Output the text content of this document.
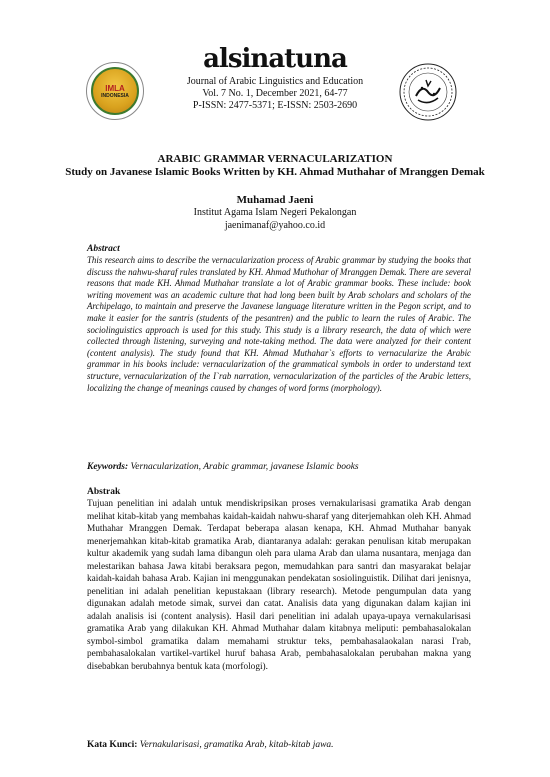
IMLA
INDONESIA
alsinatuna
Journal of Arabic Linguistics and Education
Vol. 7 No. 1, December 2021, 64-77
P-ISSN: 2477-5371; E-ISSN: 2503-2690
ARABIC GRAMMAR VERNACULARIZATION
Study on Javanese Islamic Books Written by KH. Ahmad Muthahar of Mranggen Demak
Muhamad Jaeni
Institut Agama Islam Negeri Pekalongan
jaenimanaf@yahoo.co.id
Abstract
This research aims to describe the vernacularization process of Arabic grammar by studying the books that discuss the nahwu-sharaf rules translated by KH. Ahmad Muthohar of Mranggen Demak. There are several reasons that made KH. Ahmad Muthahar translate a lot of Arabic grammar books. These include: book writing movement was an academic culture that had long been built by Arab scholars and scholars of the Archipelago, to maintain and preserve the Javanese language literature written in the Pegon script, and to make it easier for the santris (students of the pesantren) and the public to learn the rules of Arabic. The sociolinguistics approach is used for this study. This study is a library research, the data of which were collected through listening, surveying and note-taking method. The data were analyzed for their content (content analysis). The study found that KH. Ahmad Muthahar`s efforts to vernacularize the Arabic grammar in his books include: vernacularization of the grammatical symbols in order to understand text structure, vernacularization of the I`rab narration, vernacularization of the particles of the Arabic letters, localizing the change of meanings caused by changes of word forms (morphology).
Keywords: Vernacularization, Arabic grammar, javanese Islamic books
Abstrak
Tujuan penelitian ini adalah untuk mendiskripsikan proses vernakularisasi gramatika Arab dengan melihat kitab-kitab yang membahas kaidah-kaidah nahwu-sharaf yang diterjemahkan oleh KH. Ahmad Muthahar Mranggen Demak. Terdapat beberapa alasan kenapa, KH. Ahmad Muthahar banyak menerjemahkan kitab-kitab gramatika Arab, diantaranya adalah: gerakan penulisan kitab merupakan kultur akademik yang sudah lama dibangun oleh para ulama Arab dan ulama nusantara, menjaga dan melestarikan bahasa Jawa kitabi beraksara pegon, memudahkan para santri dan masyarakat belajar kaidah-kaidah bahasa Arab. Kajian ini menggunakan pendekatan sosiolinguistik. Dilihat dari jenisnya, penelitian ini adalah penelitian kepustakaan (library research). Metode pengumpulan data yang digunakan adalah metode simak, survei dan catat. Analisis data yang digunakan dalam kajian ini adalah analisis isi (content analysis). Hasil dari penelitian ini adalah upaya-upaya vernakularisasi gramatika Arab yang dilakukan KH. Ahmad Muthahar dalam kitabnya meliputi: pembahasalokalan symbol-simbol gramatika dalam memahami struktur teks, pembahasalaokalan narasi I'rab, pembahasalokalan vartikel-vartikel huruf bahasa Arab, pembahasalokalan perubahan makna yang disebabkan berubahnya bentuk kata (morfologi).
Kata Kunci: Vernakularisasi, gramatika Arab, kitab-kitab jawa.
